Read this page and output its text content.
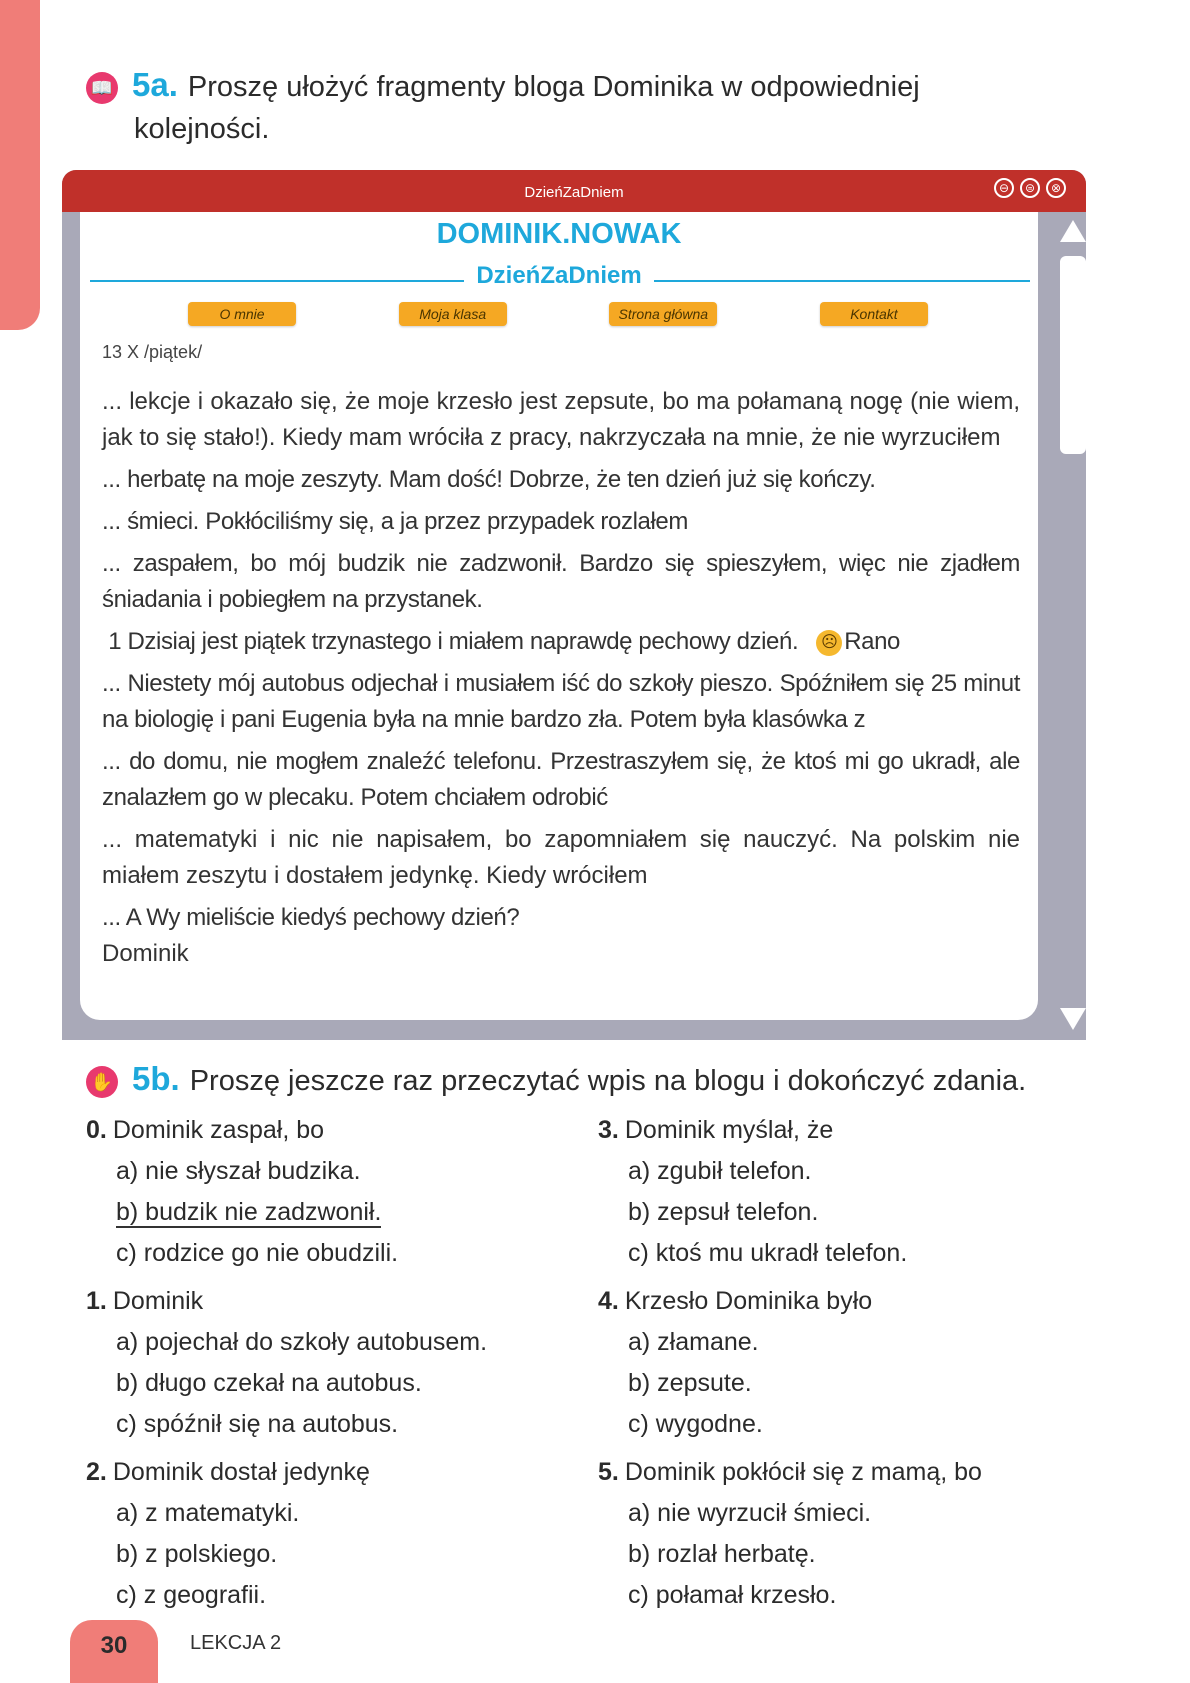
📖 5a. Proszę ułożyć fragmenty bloga Dominika w odpowiedniej
kolejności.
DzieńZaDniem	⊖	⊜	⊗
DOMINIK.NOWAK
DzieńZaDniem
O mnie	Moja klasa	Strona główna	Kontakt
13 X /piątek/
... lekcje i okazało się, że moje krzesło jest zepsute, bo ma połamaną nogę (nie wiem, jak to się stało!). Kiedy mam wróciła z pracy, nakrzyczała na mnie, że nie wyrzuciłem
... herbatę na moje zeszyty. Mam dość! Dobrze, że ten dzień już się kończy.
... śmieci. Pokłóciliśmy się, a ja przez przypadek rozlałem
... zaspałem, bo mój budzik nie zadzwonił. Bardzo się spieszyłem, więc nie zjadłem śniadania i pobiegłem na przystanek.
1 Dzisiaj jest piątek trzynastego i miałem naprawdę pechowy dzień. ☹ Rano
... Niestety mój autobus odjechał i musiałem iść do szkoły pieszo. Spóźniłem się 25 minut na biologię i pani Eugenia była na mnie bardzo zła. Potem była klasówka z
... do domu, nie mogłem znaleźć telefonu. Przestraszyłem się, że ktoś mi go ukradł, ale znalazłem go w plecaku. Potem chciałem odrobić
... matematyki i nic nie napisałem, bo zapomniałem się nauczyć. Na polskim nie miałem zeszytu i dostałem jedynkę. Kiedy wróciłem
... A Wy mieliście kiedyś pechowy dzień?
Dominik
✋ 5b. Proszę jeszcze raz przeczytać wpis na blogu i dokończyć zdania.
0. Dominik zaspał, bo
a) nie słyszał budzika.
b) budzik nie zadzwonił.
c) rodzice go nie obudzili.
1. Dominik
a) pojechał do szkoły autobusem.
b) długo czekał na autobus.
c) spóźnił się na autobus.
2. Dominik dostał jedynkę
a) z matematyki.
b) z polskiego.
c) z geografii.
3. Dominik myślał, że
a) zgubił telefon.
b) zepsuł telefon.
c) ktoś mu ukradł telefon.
4. Krzesło Dominika było
a) złamane.
b) zepsute.
c) wygodne.
5. Dominik pokłócił się z mamą, bo
a) nie wyrzucił śmieci.
b) rozlał herbatę.
c) połamał krzesło.
30	LEKCJA 2
